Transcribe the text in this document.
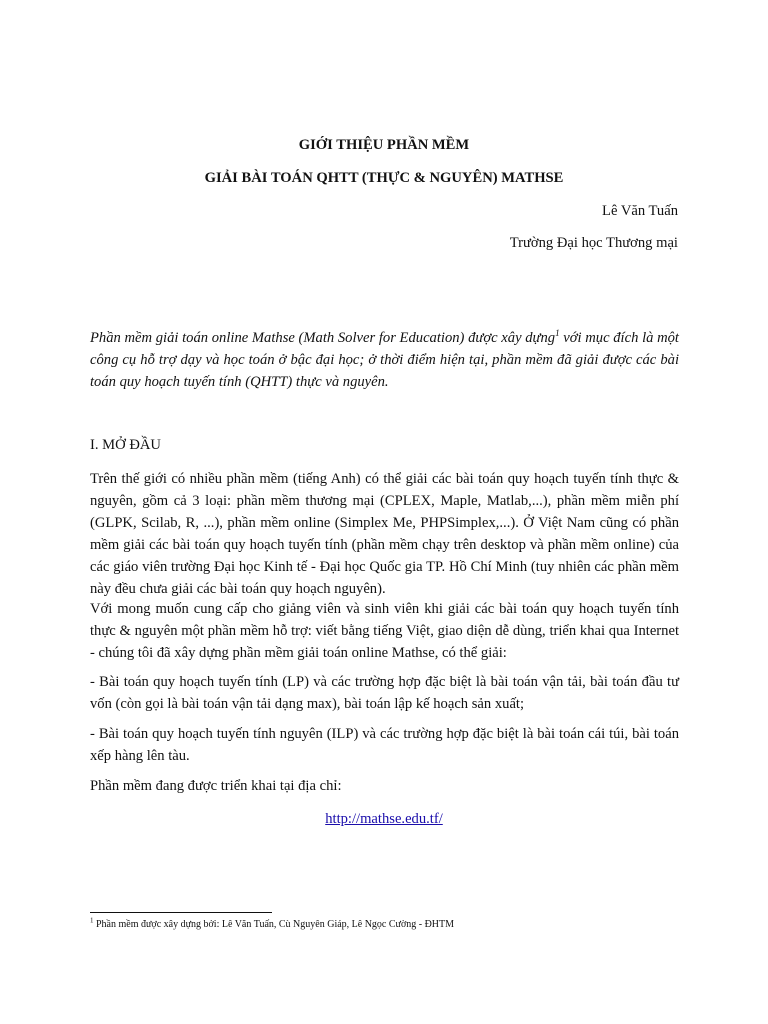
GIỚI THIỆU PHẦN MỀM
GIẢI BÀI TOÁN QHTT (THỰC & NGUYÊN) MATHSE
Lê Văn Tuấn
Trường Đại học Thương mại
Phần mềm giải toán online Mathse (Math Solver for Education) được xây dựng$^1$ với mục đích là một công cụ hỗ trợ dạy và học toán ở bậc đại học; ở thời điểm hiện tại, phần mềm đã giải được các bài toán quy hoạch tuyến tính (QHTT) thực và nguyên.
I. MỞ ĐẦU
Trên thế giới có nhiều phần mềm (tiếng Anh) có thể giải các bài toán quy hoạch tuyến tính thực & nguyên, gồm cả 3 loại: phần mềm thương mại (CPLEX, Maple, Matlab,...), phần mềm miễn phí (GLPK, Scilab, R, ...), phần mềm online (Simplex Me, PHPSimplex,...). Ở Việt Nam cũng có phần mềm giải các bài toán quy hoạch tuyến tính (phần mềm chạy trên desktop và phần mềm online) của các giáo viên trường Đại học Kinh tế - Đại học Quốc gia TP. Hồ Chí Minh (tuy nhiên các phần mềm này đều chưa giải các bài toán quy hoạch nguyên).
Với mong muốn cung cấp cho giảng viên và sinh viên khi giải các bài toán quy hoạch tuyến tính thực & nguyên một phần mềm hỗ trợ: viết bằng tiếng Việt, giao diện dễ dùng, triển khai qua Internet - chúng tôi đã xây dựng phần mềm giải toán online Mathse, có thể giải:
- Bài toán quy hoạch tuyến tính (LP) và các trường hợp đặc biệt là bài toán vận tải, bài toán đầu tư vốn (còn gọi là bài toán vận tải dạng max), bài toán lập kế hoạch sản xuất;
- Bài toán quy hoạch tuyến tính nguyên (ILP) và các trường hợp đặc biệt là bài toán cái túi, bài toán xếp hàng lên tàu.
Phần mềm đang được triển khai tại địa chỉ:
http://mathse.edu.tf/
$^1$ Phần mềm được xây dựng bởi: Lê Văn Tuấn, Cù Nguyên Giáp, Lê Ngọc Cường - ĐHTM
